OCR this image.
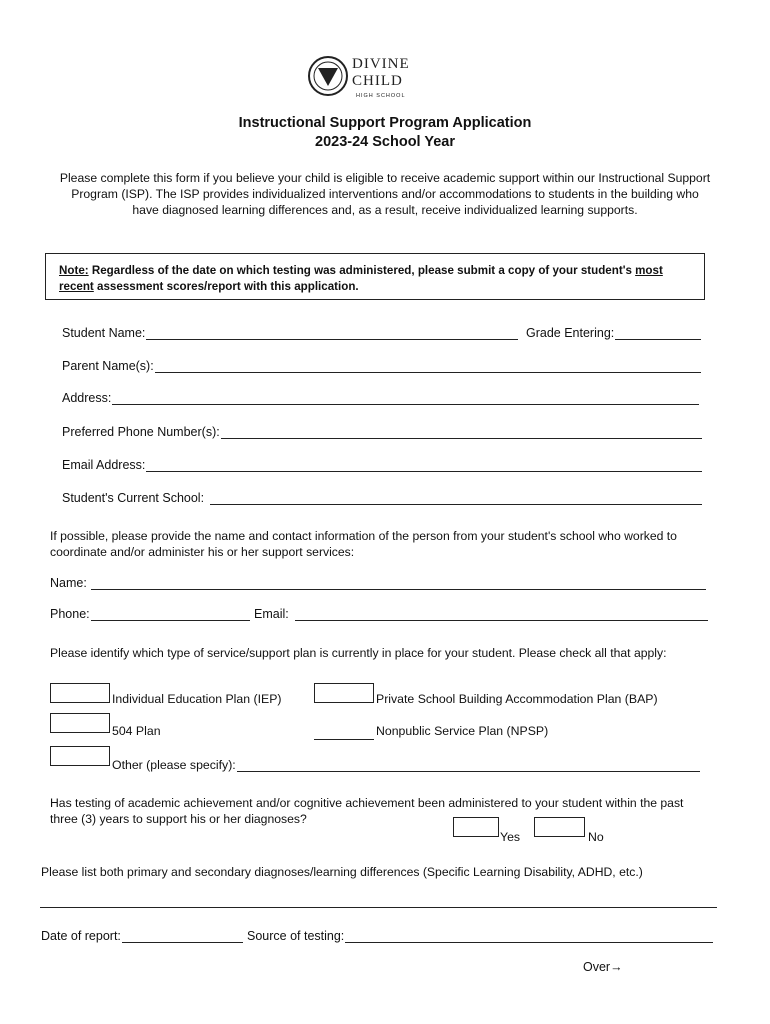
DIVINE
CHILD
HIGH SCHOOL
Instructional Support Program Application
2023-24 School Year
Please complete this form if you believe your child is eligible to receive academic support within our Instructional Support Program (ISP). The ISP provides individualized interventions and/or accommodations to students in the building who have diagnosed learning differences and, as a result, receive individualized learning supports.
Note: Regardless of the date on which testing was administered, please submit a copy of your student's most recent assessment scores/report with this application.
Student Name:	Grade Entering:
Parent Name(s):
Address:
Preferred Phone Number(s):
Email Address:
Student's Current School:
If possible, please provide the name and contact information of the person from your student's school who worked to coordinate and/or administer his or her support services:
Name:
Phone:	Email:
Please identify which type of service/support plan is currently in place for your student. Please check all that apply:
Individual Education Plan (IEP)	Private School Building Accommodation Plan (BAP)
504 Plan	Nonpublic Service Plan (NPSP)
Other (please specify):
Has testing of academic achievement and/or cognitive achievement been administered to your student within the past three (3) years to support his or her diagnoses?
Yes	No
Please list both primary and secondary diagnoses/learning differences (Specific Learning Disability, ADHD, etc.)
Date of report:	Source of testing:
Over→
